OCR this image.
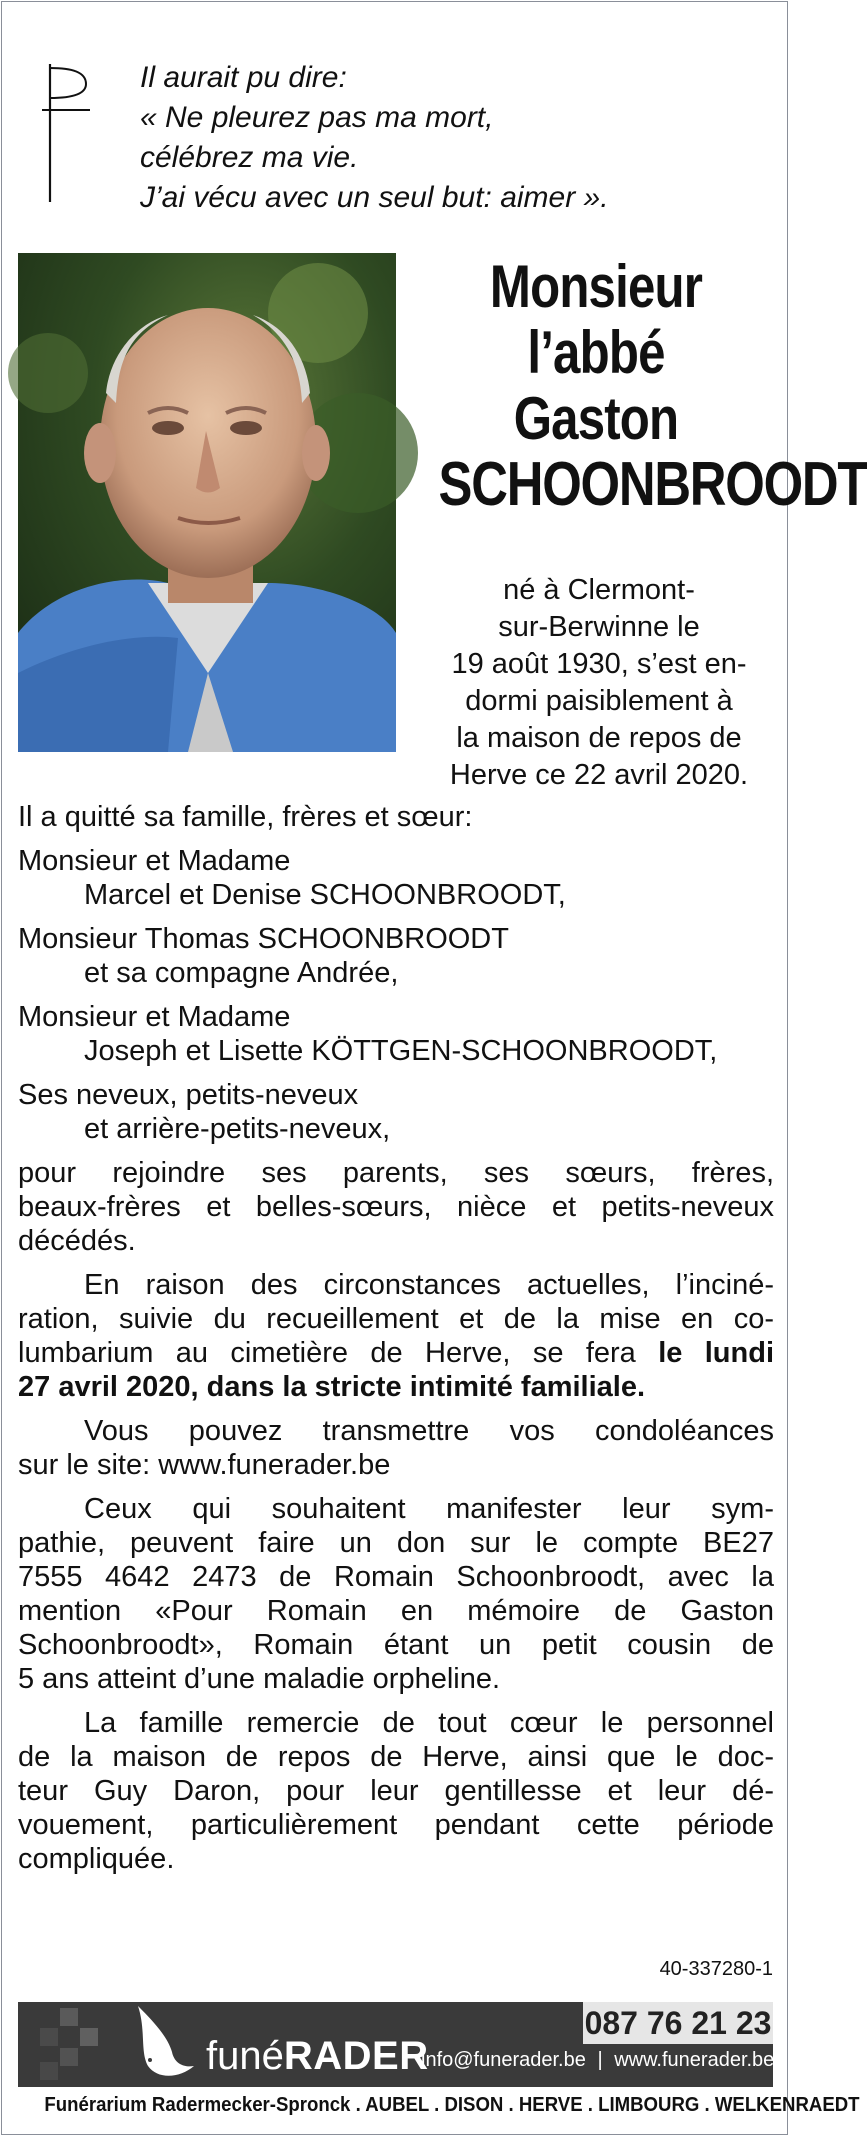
Il aurait pu dire:
« Ne pleurez pas ma mort,
célébrez ma vie.
J’ai vécu avec un seul but: aimer ».
Monsieur
l’abbé
Gaston
SCHOONBROODT
né à Clermont-
sur-Berwinne le
19 août 1930, s’est en-
dormi paisiblement à
la maison de repos de
Herve ce 22 avril 2020.

Il a quitté sa famille, frères et sœur:

Monsieur et Madame
Marcel et Denise SCHOONBROODT,
Monsieur Thomas SCHOONBROODT
et sa compagne Andrée,
Monsieur et Madame
Joseph et Lisette KÖTTGEN-SCHOONBROODT,
Ses neveux, petits-neveux
et arrière-petits-neveux,
pour rejoindre ses parents, ses sœurs, frères,
beaux-frères et belles-sœurs, nièce et petits-neveux
décédés.
En raison des circonstances actuelles, l’inciné-
ration, suivie du recueillement et de la mise en co-
lumbarium au cimetière de Herve, se fera le lundi
27 avril 2020, dans la stricte intimité familiale.
Vous pouvez transmettre vos condoléances
sur le site: www.funerader.be
Ceux qui souhaitent manifester leur sym-
pathie, peuvent faire un don sur le compte BE27
7555 4642 2473 de Romain Schoonbroodt, avec la
mention «Pour Romain en mémoire de Gaston
Schoonbroodt», Romain étant un petit cousin de
5 ans atteint d’une maladie orpheline.
La famille remercie de tout cœur le personnel
de la maison de repos de Herve, ainsi que le doc-
teur Guy Daron, pour leur gentillesse et leur dé-
vouement, particulièrement pendant cette période
compliquée.
40-337280-1
funéRADER
087 76 21 23
info@funerader.be | www.funerader.be
Funérarium Radermecker-Spronck . AUBEL . DISON . HERVE . LIMBOURG . WELKENRAEDT
